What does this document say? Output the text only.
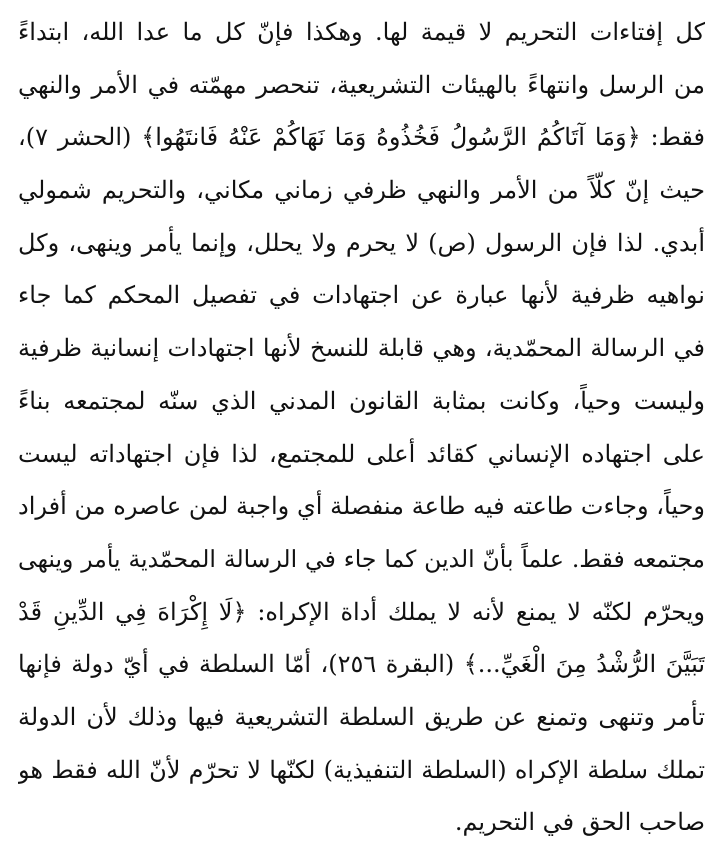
كل إفتاءات التحريم لا قيمة لها. وهكذا فإنّ كل ما عدا الله، ابتداءً
من الرسل وانتهاءً بالهيئات التشريعية، تنحصر مهمّته في الأمر والنهي
فقط: ﴿وَمَا آتَاكُمُ الرَّسُولُ فَخُذُوهُ وَمَا نَهَاكُمْ عَنْهُ فَانتَهُوا﴾ (الحشر ٧)،
حيث إنّ كلّاً من الأمر والنهي ظرفي زماني مكاني، والتحريم شمولي
أبدي. لذا فإن الرسول (ص) لا يحرم ولا يحلل، وإنما يأمر وينهى، وكل
نواهيه ظرفية لأنها عبارة عن اجتهادات في تفصيل المحكم كما جاء
في الرسالة المحمّدية، وهي قابلة للنسخ لأنها اجتهادات إنسانية ظرفية
وليست وحياً، وكانت بمثابة القانون المدني الذي سنّه لمجتمعه بناءً
على اجتهاده الإنساني كقائد أعلى للمجتمع، لذا فإن اجتهاداته ليست
وحياً، وجاءت طاعته فيه طاعة منفصلة أي واجبة لمن عاصره من أفراد
مجتمعه فقط. علماً بأنّ الدين كما جاء في الرسالة المحمّدية يأمر وينهى
ويحرّم لكنّه لا يمنع لأنه لا يملك أداة الإكراه: ﴿لَا إِكْرَاهَ فِي الدِّينِ قَدْ
تَبَيَّنَ الرُّشْدُ مِنَ الْغَيِّ...﴾ (البقرة ٢٥٦)، أمّا السلطة في أيّ دولة فإنها
تأمر وتنهى وتمنع عن طريق السلطة التشريعية فيها وذلك لأن الدولة
تملك سلطة الإكراه (السلطة التنفيذية) لكنّها لا تحرّم لأنّ الله فقط هو
صاحب الحق في التحريم.
